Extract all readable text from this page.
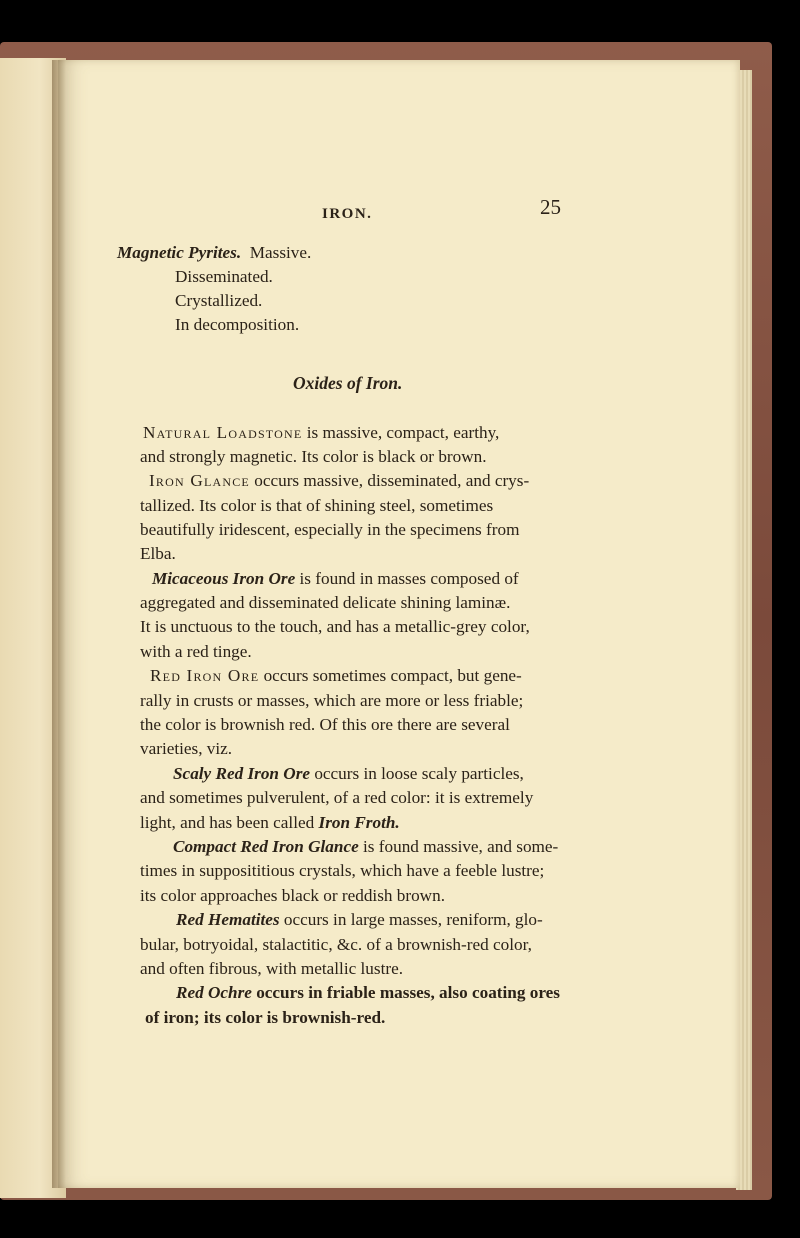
IRON.	25
Magnetic Pyrites. Massive.
Disseminated.
Crystallized.
In decomposition.
Oxides of Iron.
Natural Loadstone is massive, compact, earthy,
and strongly magnetic. Its color is black or brown.
Iron Glance occurs massive, disseminated, and crys-
tallized. Its color is that of shining steel, sometimes
beautifully iridescent, especially in the specimens from
Elba.
Micaceous Iron Ore is found in masses composed of
aggregated and disseminated delicate shining laminæ.
It is unctuous to the touch, and has a metallic-grey color,
with a red tinge.
Red Iron Ore occurs sometimes compact, but gene-
rally in crusts or masses, which are more or less friable;
the color is brownish red. Of this ore there are several
varieties, viz.
Scaly Red Iron Ore occurs in loose scaly particles,
and sometimes pulverulent, of a red color: it is extremely
light, and has been called Iron Froth.
Compact Red Iron Glance is found massive, and some-
times in supposititious crystals, which have a feeble lustre;
its color approaches black or reddish brown.
Red Hematites occurs in large masses, reniform, glo-
bular, botryoidal, stalactitic, &c. of a brownish-red color,
and often fibrous, with metallic lustre.
Red Ochre occurs in friable masses, also coating ores
of iron; its color is brownish-red.
